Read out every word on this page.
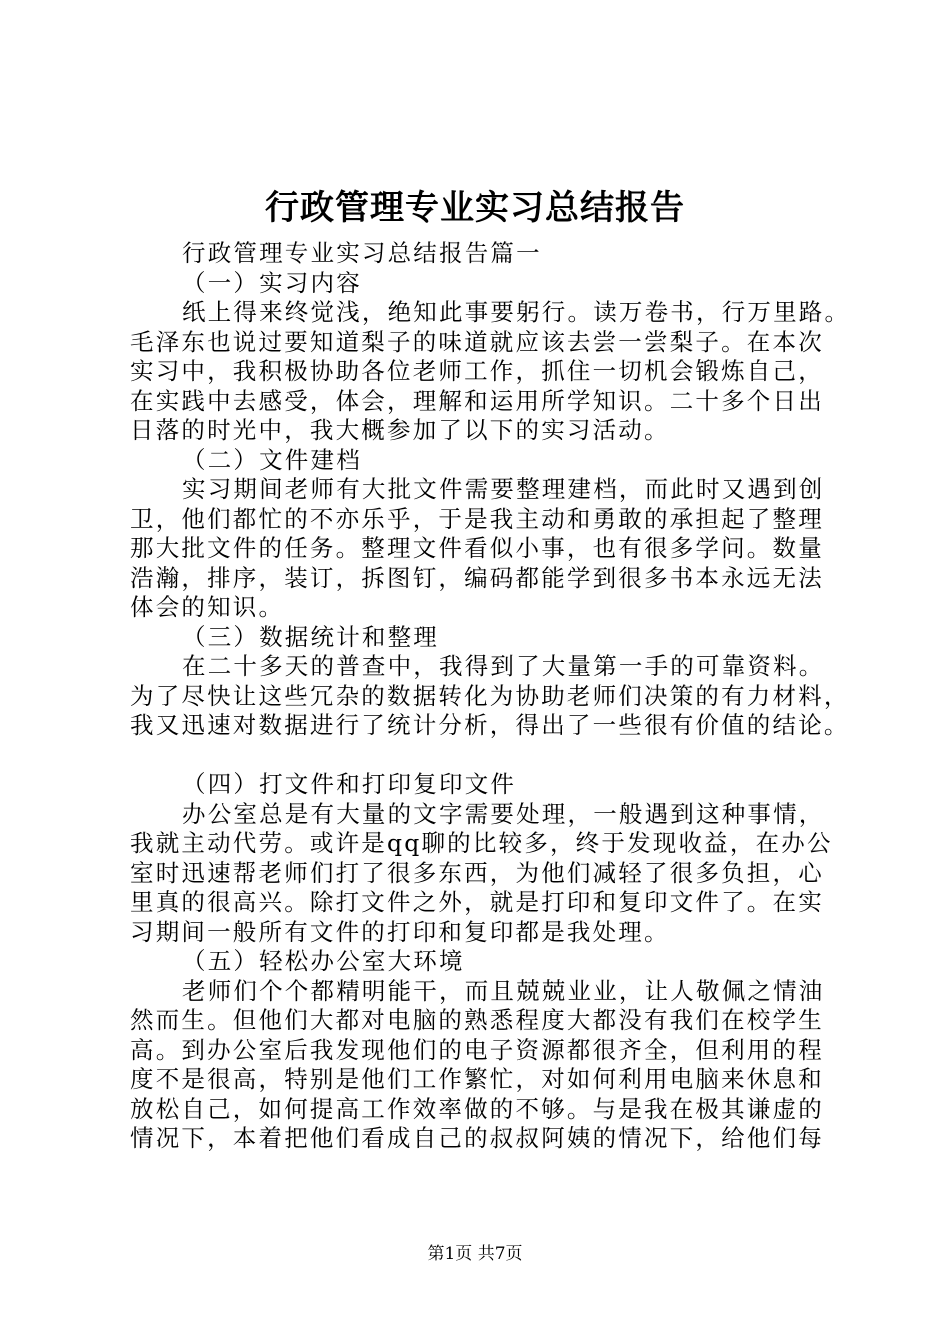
行政管理专业实习总结报告
行政管理专业实习总结报告篇一
（一）实习内容
纸上得来终觉浅，绝知此事要躬行。读万卷书，行万里路。
毛泽东也说过要知道梨子的味道就应该去尝一尝梨子。在本次
实习中，我积极协助各位老师工作，抓住一切机会锻炼自己，
在实践中去感受，体会，理解和运用所学知识。二十多个日出
日落的时光中，我大概参加了以下的实习活动。
（二）文件建档
实习期间老师有大批文件需要整理建档，而此时又遇到创
卫，他们都忙的不亦乐乎，于是我主动和勇敢的承担起了整理
那大批文件的任务。整理文件看似小事，也有很多学问。数量
浩瀚，排序，装订，拆图钉，编码都能学到很多书本永远无法
体会的知识。
（三）数据统计和整理
在二十多天的普查中，我得到了大量第一手的可靠资料。
为了尽快让这些冗杂的数据转化为协助老师们决策的有力材料，
我又迅速对数据进行了统计分析，得出了一些很有价值的结论。
（四）打文件和打印复印文件
办公室总是有大量的文字需要处理，一般遇到这种事情，
我就主动代劳。或许是qq聊的比较多，终于发现收益，在办公
室时迅速帮老师们打了很多东西，为他们减轻了很多负担，心
里真的很高兴。除打文件之外，就是打印和复印文件了。在实
习期间一般所有文件的打印和复印都是我处理。
（五）轻松办公室大环境
老师们个个都精明能干，而且兢兢业业，让人敬佩之情油
然而生。但他们大都对电脑的熟悉程度大都没有我们在校学生
高。到办公室后我发现他们的电子资源都很齐全，但利用的程
度不是很高，特别是他们工作繁忙，对如何利用电脑来休息和
放松自己，如何提高工作效率做的不够。与是我在极其谦虚的
情况下，本着把他们看成自己的叔叔阿姨的情况下，给他们每
第1页 共7页
